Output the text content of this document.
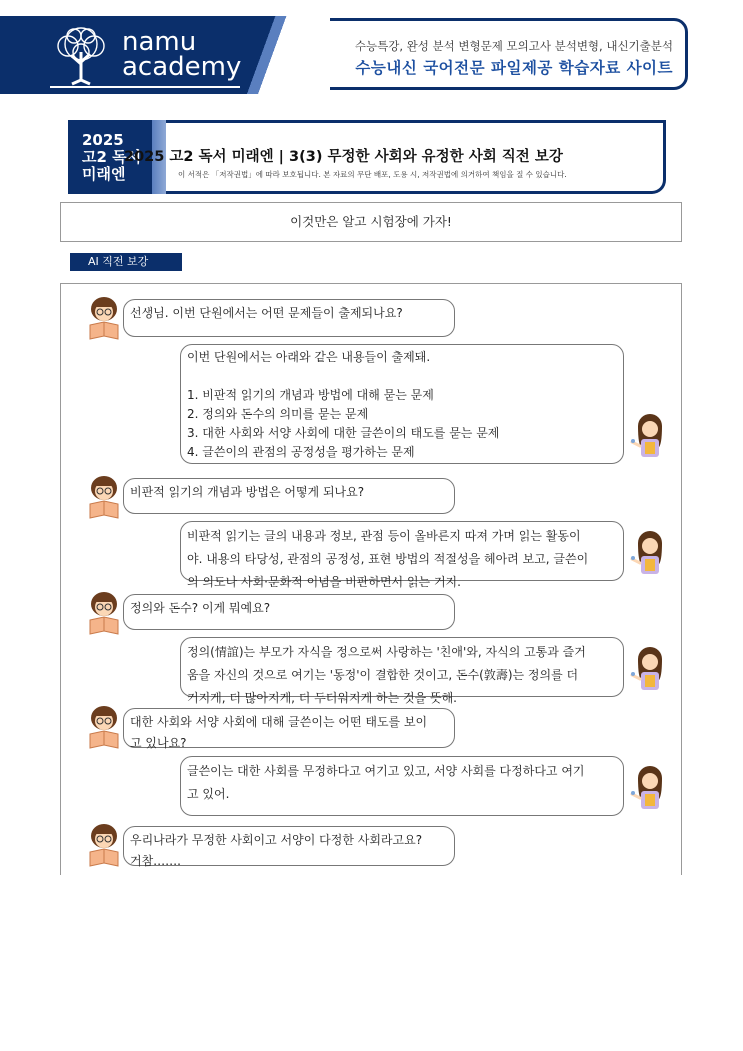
namu
academy
수능특강, 완성 분석 변형문제 모의고사 분석변형, 내신기출분석
수능내신 국어전문 파일제공 학습자료 사이트
2025
고2 독서
미래엔
2025 고2 독서 미래엔 | 3(3) 무정한 사회와 유정한 사회 직전 보강
이 서적은 「저작권법」에 따라 보호됩니다. 본 자료의 무단 배포, 도용 시, 저작권법에 의거하여 책임을 질 수 있습니다.
이것만은 알고 시험장에 가자!
AI 직전 보강
선생님. 이번 단원에서는 어떤 문제들이 출제되나요?
이번 단원에서는 아래와 같은 내용들이 출제돼.

1. 비판적 읽기의 개념과 방법에 대해 묻는 문제
2. 정의와 돈수의 의미를 묻는 문제
3. 대한 사회와 서양 사회에 대한 글쓴이의 태도를 묻는 문제
4. 글쓴이의 관점의 공정성을 평가하는 문제
비판적 읽기의 개념과 방법은 어떻게 되나요?
비판적 읽기는 글의 내용과 정보, 관점 등이 올바른지 따져 가며 읽는 활동이
야. 내용의 타당성, 관점의 공정성, 표현 방법의 적절성을 헤아려 보고, 글쓴이
의 의도나 사회·문화적 이념을 비판하면서 읽는 거지.
정의와 돈수? 이게 뭐예요?
정의(情誼)는 부모가 자식을 정으로써 사랑하는 '친애'와, 자식의 고통과 즐거
움을 자신의 것으로 여기는 '동정'이 결합한 것이고, 돈수(敦壽)는 정의를 더
커지게, 더 많아지게, 더 두터워지게 하는 것을 뜻해.
대한 사회와 서양 사회에 대해 글쓴이는 어떤 태도를 보이
고 있나요?
글쓴이는 대한 사회를 무정하다고 여기고 있고, 서양 사회를 다정하다고 여기
고 있어.
우리나라가 무정한 사회이고 서양이 다정한 사회라고요?
거참…….
